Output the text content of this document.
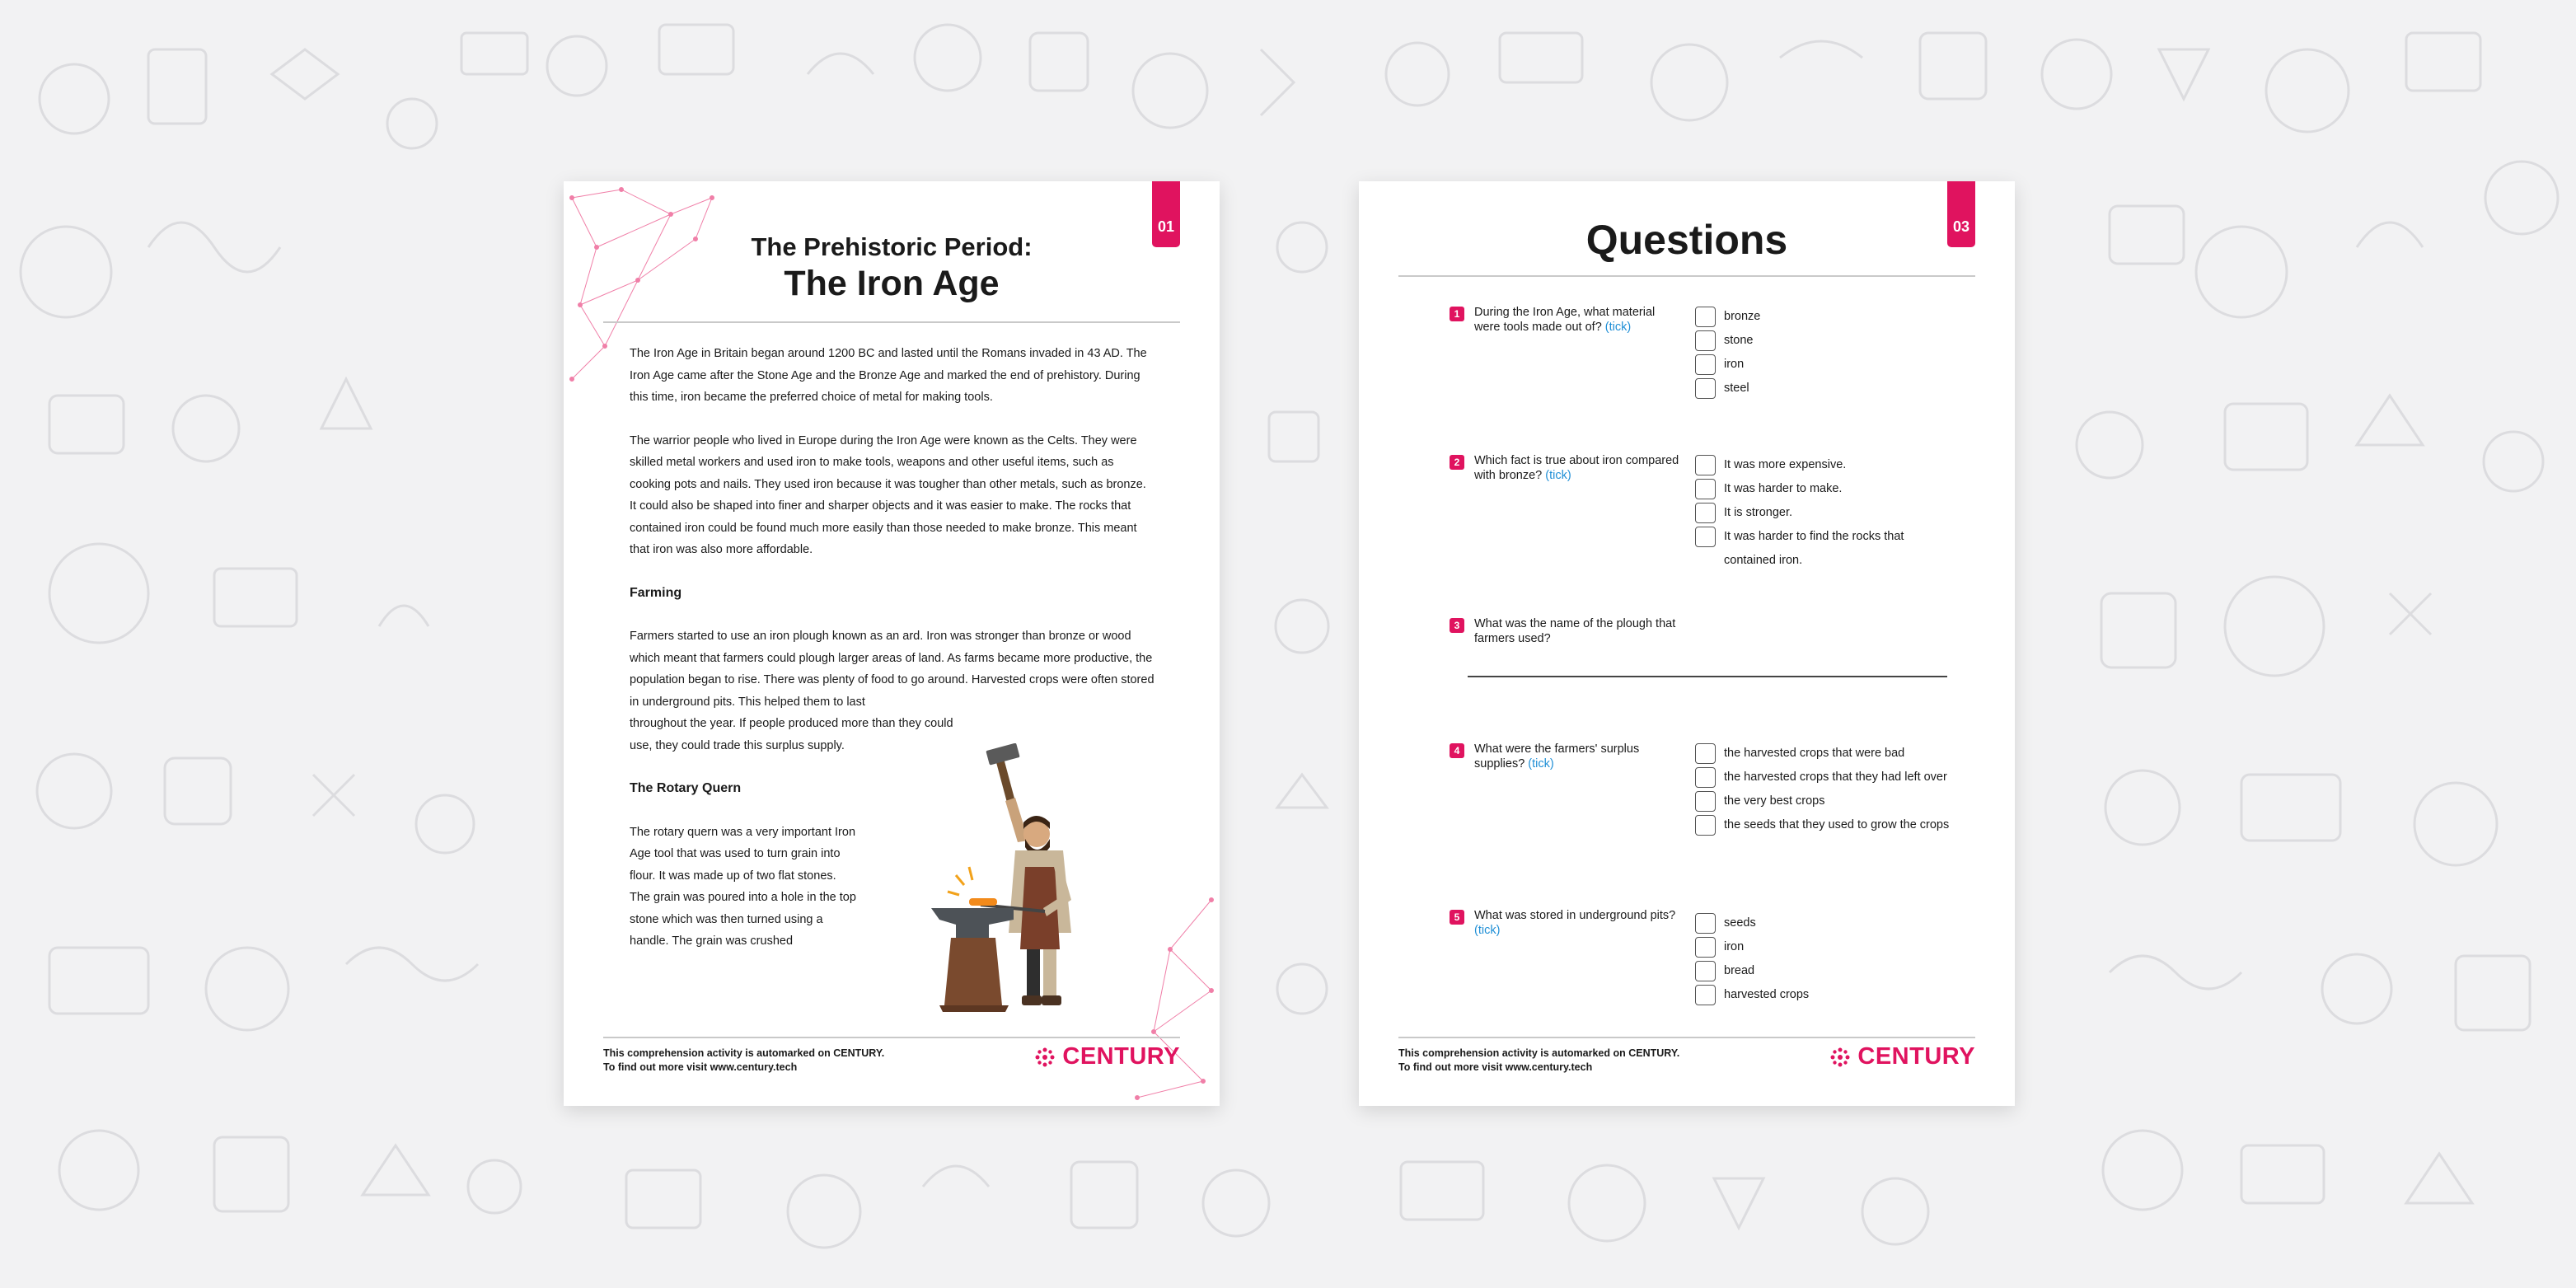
01
The Prehistoric Period:
The Iron Age

The Iron Age in Britain began around 1200 BC and lasted until the Romans invaded in 43 AD. The Iron Age came after the Stone Age and the Bronze Age and marked the end of prehistory. During this time, iron became the preferred choice of metal for making tools.

The warrior people who lived in Europe during the Iron Age were known as the Celts. They were skilled metal workers and used iron to make tools, weapons and other useful items, such as cooking pots and nails. They used iron because it was tougher than other metals, such as bronze. It could also be shaped into finer and sharper objects and it was easier to make. The rocks that contained iron could be found much more easily than those needed to make bronze. This meant that iron was also more affordable.

Farming

Farmers started to use an iron plough known as an ard. Iron was stronger than bronze or wood which meant that farmers could plough larger areas of land. As farms became more productive, the population began to rise. There was plenty of food to go around. Harvested crops were often stored in underground pits. This helped them to last

throughout the year. If people produced more than they could use, they could trade this surplus supply.

The Rotary Quern

The rotary quern was a very important Iron Age tool that was used to turn grain into flour. It was made up of two flat stones. The grain was poured into a hole in the top stone which was then turned using a handle. The grain was crushed

This comprehension activity is automarked on CENTURY.
To find out more visit www.century.tech	CENTURY
03
Questions
1	During the Iron Age, what material were tools made out of? (tick)
bronze
stone
iron
steel
2	Which fact is true about iron compared with bronze? (tick)
It was more expensive.
It was harder to make.
It is stronger.
It was harder to find the rocks that contained iron.
3	What was the name of the plough that farmers used?
4	What were the farmers' surplus supplies? (tick)
the harvested crops that were bad
the harvested crops that they had left over
the very best crops
the seeds that they used to grow the crops
5	What was stored in underground pits? (tick)
seeds
iron
bread
harvested crops
This comprehension activity is automarked on CENTURY.
To find out more visit www.century.tech	CENTURY
